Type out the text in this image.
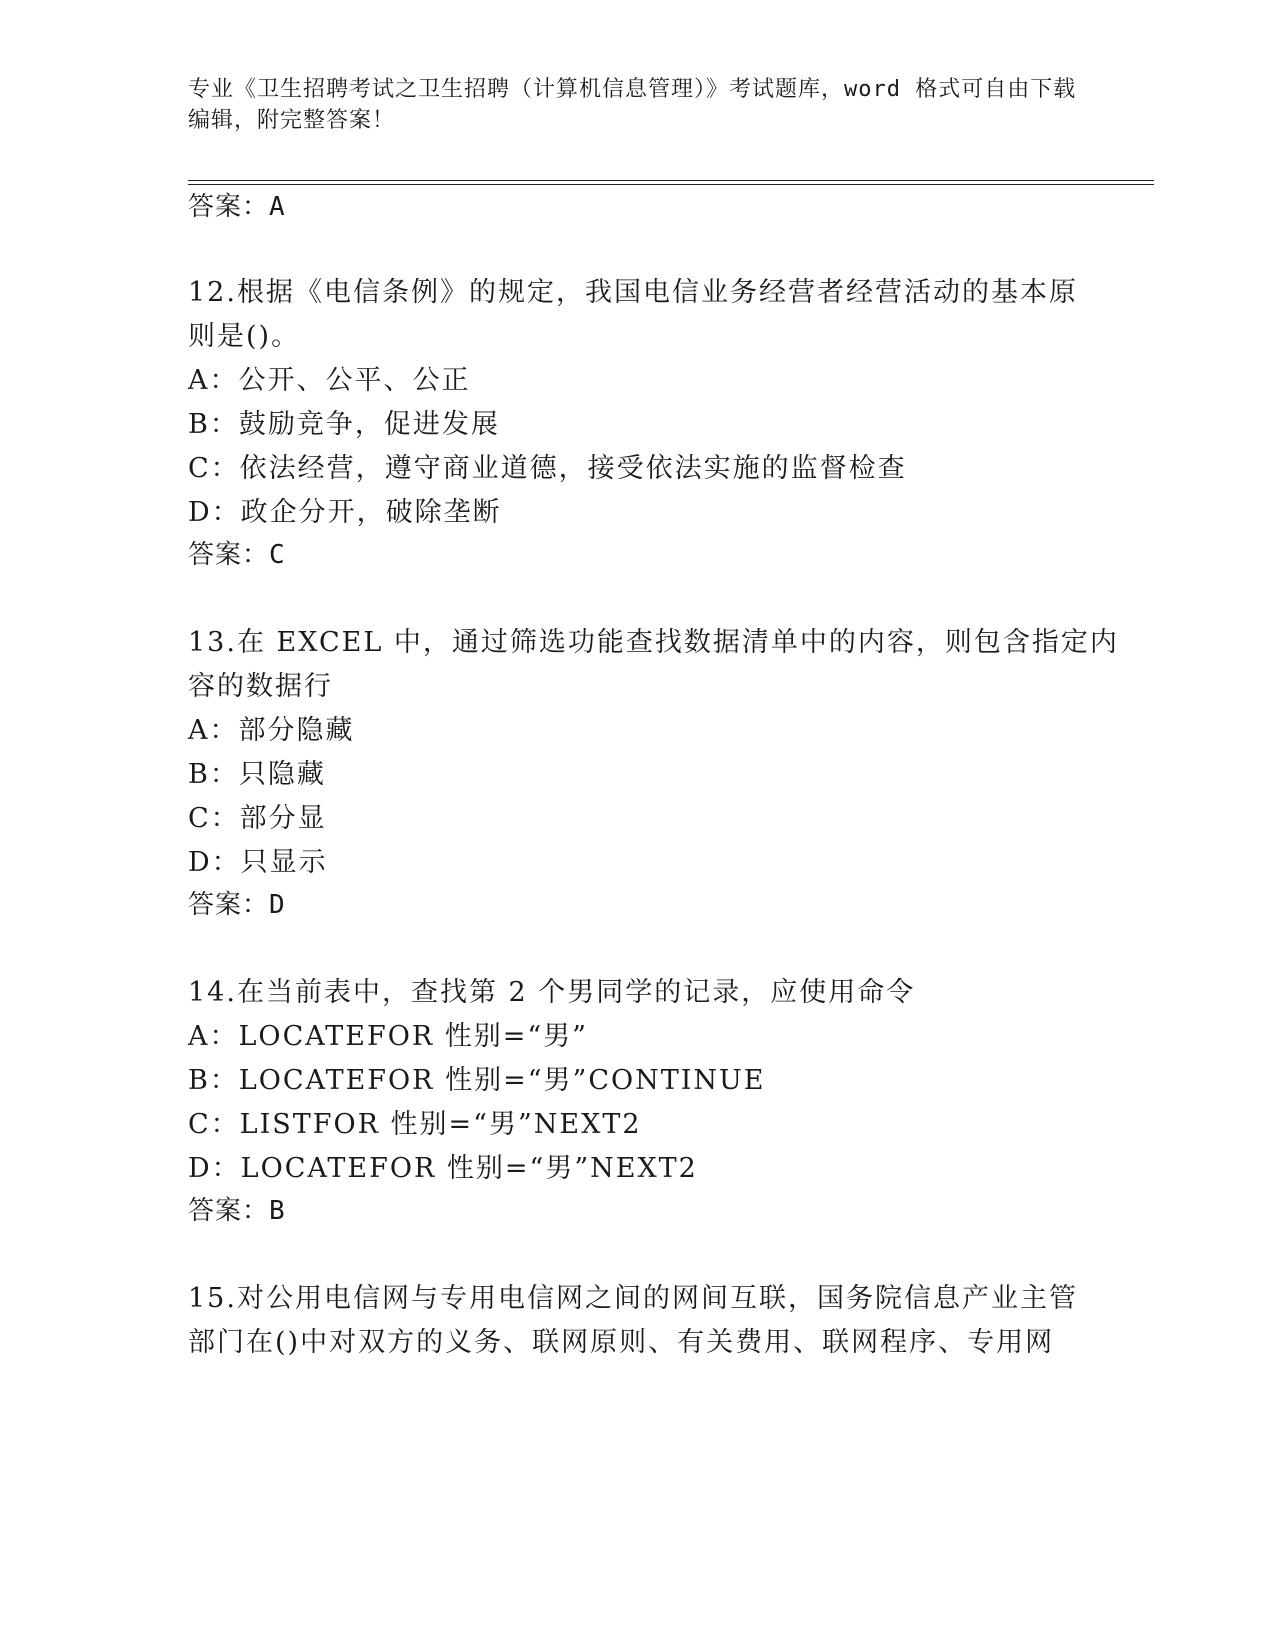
专业《卫生招聘考试之卫生招聘（计算机信息管理）》考试题库，word 格式可自由下载编辑，附完整答案！
答案：A
12.根据《电信条例》的规定，我国电信业务经营者经营活动的基本原
则是()。
A：公开、公平、公正
B：鼓励竞争，促进发展
C：依法经营，遵守商业道德，接受依法实施的监督检查
D：政企分开，破除垄断
答案：C
13.在 EXCEL 中，通过筛选功能查找数据清单中的内容，则包含指定内
容的数据行
A：部分隐藏
B：只隐藏
C：部分显
D：只显示
答案：D
14.在当前表中，查找第 2 个男同学的记录，应使用命令
A：LOCATEFOR 性别=“男”
B：LOCATEFOR 性别=“男”CONTINUE
C：LISTFOR 性别=“男”NEXT2
D：LOCATEFOR 性别=“男”NEXT2
答案：B
15.对公用电信网与专用电信网之间的网间互联，国务院信息产业主管
部门在()中对双方的义务、联网原则、有关费用、联网程序、专用网
